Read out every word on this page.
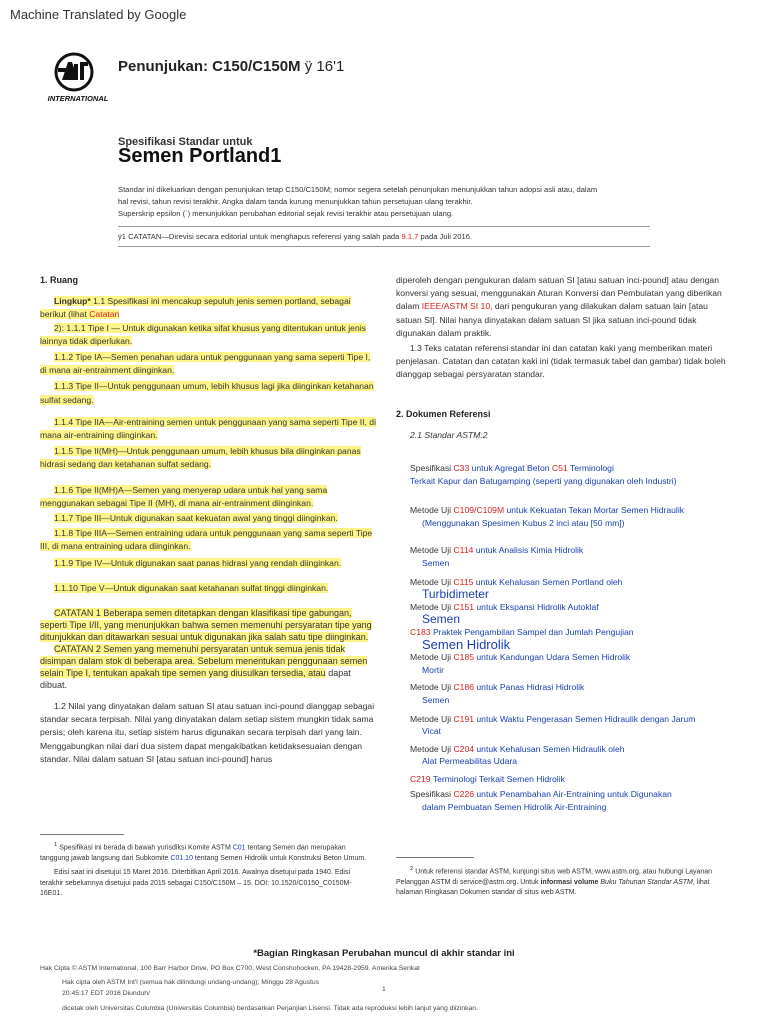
Machine Translated by Google
INTERNATIONAL
Penunjukan: C150/C150M ÿ 16'1
Spesifikasi Standar untuk
Semen Portland1
Standar ini dikeluarkan dengan penunjukan tetap C150/C150M; nomor segera setelah penunjukan menunjukkan tahun adopsi asli atau, dalam
hal revisi, tahun revisi terakhir. Angka dalam tanda kurung menunjukkan tahun persetujuan ulang terakhir.
Superskrip epsilon (´) menunjukkan perubahan editorial sejak revisi terakhir atau persetujuan ulang.
ÿ1 CATATAN—Direvisi secara editorial untuk menghapus referensi yang salah pada 9.1.7 pada Juli 2016.

1. Ruang

Lingkup* 1.1 Spesifikasi ini mencakup sepuluh jenis semen portland, sebagai berikut (lihat Catatan

2): 1.1.1 Tipe I — Untuk digunakan ketika sifat khusus yang ditentukan untuk jenis lainnya tidak diperlukan.

1.1.2 Tipe IA—Semen penahan udara untuk penggunaan yang sama seperti Tipe I, di mana air-entrainment diinginkan.

1.1.3 Tipe II—Untuk penggunaan umum, lebih khusus lagi jika diinginkan ketahanan sulfat sedang.

1.1.4 Tipe IIA—Air-entraining semen untuk penggunaan yang sama seperti Tipe II, di mana air-entraining diinginkan.

1.1.5 Tipe II(MH)—Untuk penggunaan umum, lebih khusus bila diinginkan panas hidrasi sedang dan ketahanan sulfat sedang.

1.1.6 Tipe II(MH)A—Semen yang menyerap udara untuk hal yang sama menggunakan sebagai Tipe II (MH), di mana air-entrainment diinginkan.

1.1.7 Tipe III—Untuk digunakan saat kekuatan awal yang tinggi diinginkan.

1.1.8 Tipe IIIA—Semen entraining udara untuk penggunaan yang sama seperti Tipe III, di mana entraining udara diinginkan.

1.1.9 Tipe IV—Untuk digunakan saat panas hidrasi yang rendah diinginkan.

1.1.10 Tipe V—Untuk digunakan saat ketahanan sulfat tinggi diinginkan.

CATATAN 1 Beberapa semen ditetapkan dengan klasifikasi tipe gabungan, seperti Tipe I/II, yang menunjukkan bahwa semen memenuhi persyaratan tipe yang ditunjukkan dan ditawarkan sesuai untuk digunakan jika salah satu tipe diinginkan.

CATATAN 2 Semen yang memenuhi persyaratan untuk semua jenis tidak disimpan dalam stok di beberapa area. Sebelum menentukan penggunaan semen selain Tipe I, tentukan apakah tipe semen yang diusulkan tersedia, atau dapat dibuat.

1.2 Nilai yang dinyatakan dalam satuan SI atau satuan inci-pound dianggap sebagai standar secara terpisah. Nilai yang dinyatakan dalam setiap sistem mungkin tidak sama persis; oleh karena itu, setiap sistem harus digunakan secara terpisah dari yang lain. Menggabungkan nilai dari dua sistem dapat mengakibatkan ketidaksesuaian dengan standar. Nilai dalam satuan SI [atau satuan inci-pound] harus

$^1$ Spesifikasi ini berada di bawah yurisdiksi Komite ASTM C01 tentang Semen dan merupakan tanggung jawab langsung dari Subkomite C01.10 tentang Semen Hidrolik untuk Konstruksi Beton Umum.
Edisi saat ini disetujui 15 Maret 2016. Diterbitkan April 2016. Awalnya disetujui pada 1940. Edisi terakhir sebelumnya disetujui pada 2015 sebagai C150/C150M – 15. DOI: 10.1520/C0150_C0150M-16E01.

diperoleh dengan pengukuran dalam satuan SI [atau satuan inci-pound] atau dengan konversi yang sesuai, menggunakan Aturan Konversi dan Pembulatan yang diberikan dalam IEEE/ASTM SI 10, dari pengukuran yang dilakukan dalam satuan lain [atau satuan SI]. Nilai hanya dinyatakan dalam satuan SI jika satuan inci-pound tidak digunakan dalam praktik.

1.3 Teks catatan referensi standar ini dan catatan kaki yang memberikan materi penjelasan. Catatan dan catatan kaki ini (tidak termasuk tabel dan gambar) tidak boleh dianggap sebagai persyaratan standar.

2. Dokumen Referensi

2.1 Standar ASTM:2

Spesifikasi C33 untuk Agregat Beton C51 Terminologi
Terkait Kapur dan Batugamping (seperti yang digunakan oleh Industri)
Metode Uji C109/C109M untuk Kekuatan Tekan Mortar Semen Hidraulik
(Menggunakan Spesimen Kubus 2 inci atau [50 mm])
Metode Uji C114 untuk Analisis Kimia Hidrolik
Semen
Metode Uji C115 untuk Kehalusan Semen Portland oleh
Turbidimeter
Metode Uji C151 untuk Ekspansi Hidrolik Autoklaf
Semen
C183 Praktek Pengambilan Sampel dan Jumlah Pengujian
Semen Hidrolik
Metode Uji C185 untuk Kandungan Udara Semen Hidrolik
Mortir
Metode Uji C186 untuk Panas Hidrasi Hidrolik
Semen
Metode Uji C191 untuk Waktu Pengerasan Semen Hidraulik dengan Jarum
Vicat
Metode Uji C204 untuk Kehalusan Semen Hidraulik oleh
Alat Permeabilitas Udara
C219 Terminologi Terkait Semen Hidrolik
Spesifikasi C226 untuk Penambahan Air-Entraining untuk Digunakan
dalam Pembuatan Semen Hidrolik Air-Entraining
$^2$ Untuk referensi standar ASTM, kunjungi situs web ASTM, www.astm.org, atau hubungi Layanan Pelanggan ASTM di service@astm.org. Untuk informasi volume Buku Tahunan Standar ASTM, lihat halaman Ringkasan Dokumen standar di situs web ASTM.
*Bagian Ringkasan Perubahan muncul di akhir standar ini
Hak Cipta © ASTM International, 100 Barr Harbor Drive, PO Box C700, West Conshohocken, PA 19428-2959. Amerika Serikat
Hak cipta oleh ASTM Int'l (semua hak dilindungi undang-undang); Minggu 28 Agustus
20:45:17 EDT 2016 Diunduh/
1
dicetak oleh Universitas Columbia (Universitas Columbia) berdasarkan Perjanjian Lisensi. Tidak ada reproduksi lebih lanjut yang diizinkan.
